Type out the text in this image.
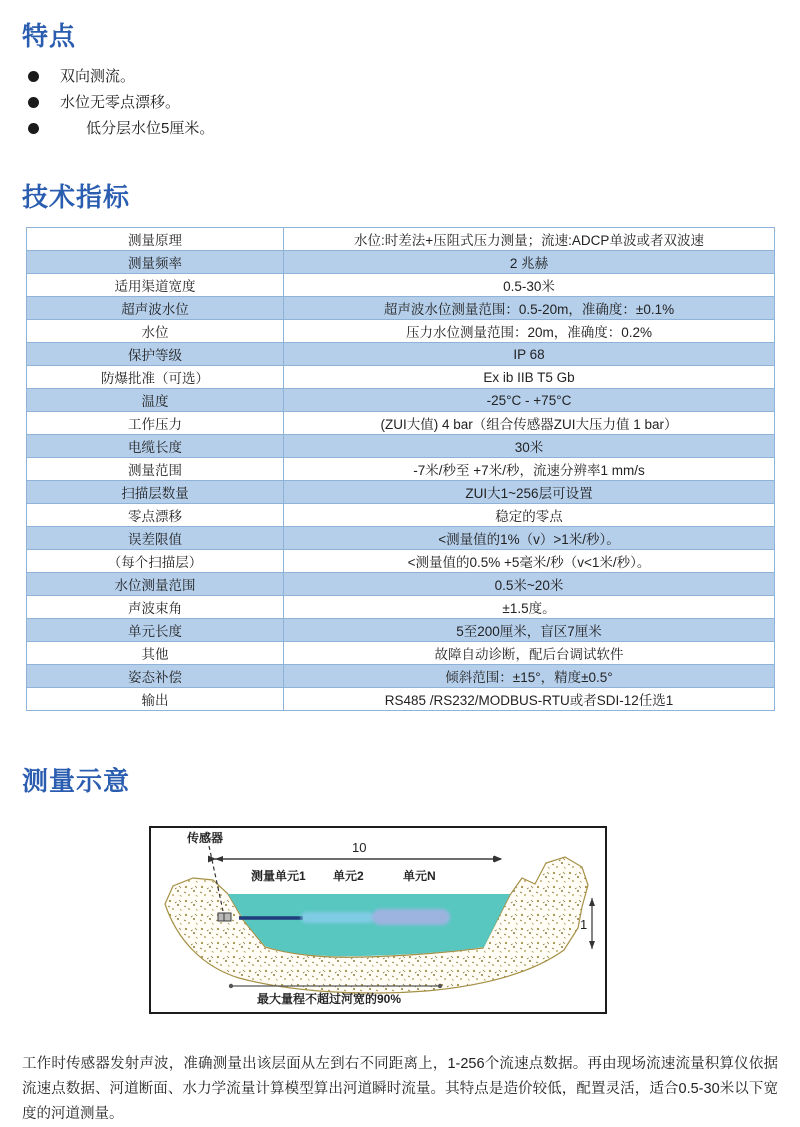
特点
双向测流。
水位无零点漂移。
低分层水位5厘米。
技术指标
测量原理	水位:时差法+压阻式压力测量；流速:ADCP单波或者双波速
测量频率	2 兆赫
适用渠道宽度	0.5-30米
超声波水位	超声波水位测量范围：0.5-20m，准确度：±0.1%
水位	压力水位测量范围：20m，准确度：0.2%
保护等级	IP 68
防爆批准（可选）	Ex ib IIB T5 Gb
温度	-25°C - +75°C
工作压力	(ZUI大值) 4 bar（组合传感器ZUI大压力值 1 bar）
电缆长度	30米
测量范围	-7米/秒至 +7米/秒，流速分辨率1 mm/s
扫描层数量	ZUI大1~256层可设置
零点漂移	稳定的零点
误差限值	<测量值的1%（v）>1米/秒）。
（每个扫描层）	<测量值的0.5% +5毫米/秒（v<1米/秒）。
水位测量范围	0.5米~20米
声波束角	±1.5度。
单元长度	5至200厘米，盲区7厘米
其他	故障自动诊断，配后台调试软件
姿态补偿	倾斜范围：±15°，精度±0.5°
输出	RS485 /RS232/MODBUS-RTU或者SDI-12任选1
测量示意
传感器
10
测量单元1 单元2	单元N
1
最大量程不超过河宽的90%

工作时传感器发射声波，准确测量出该层面从左到右不同距离上，1-256个流速点数据。再由现场流速流量积算仪依据流速点数据、河道断面、水力学流量计算模型算出河道瞬时流量。其特点是造价较低，配置灵活，适合0.5-30米以下宽度的河道测量。
